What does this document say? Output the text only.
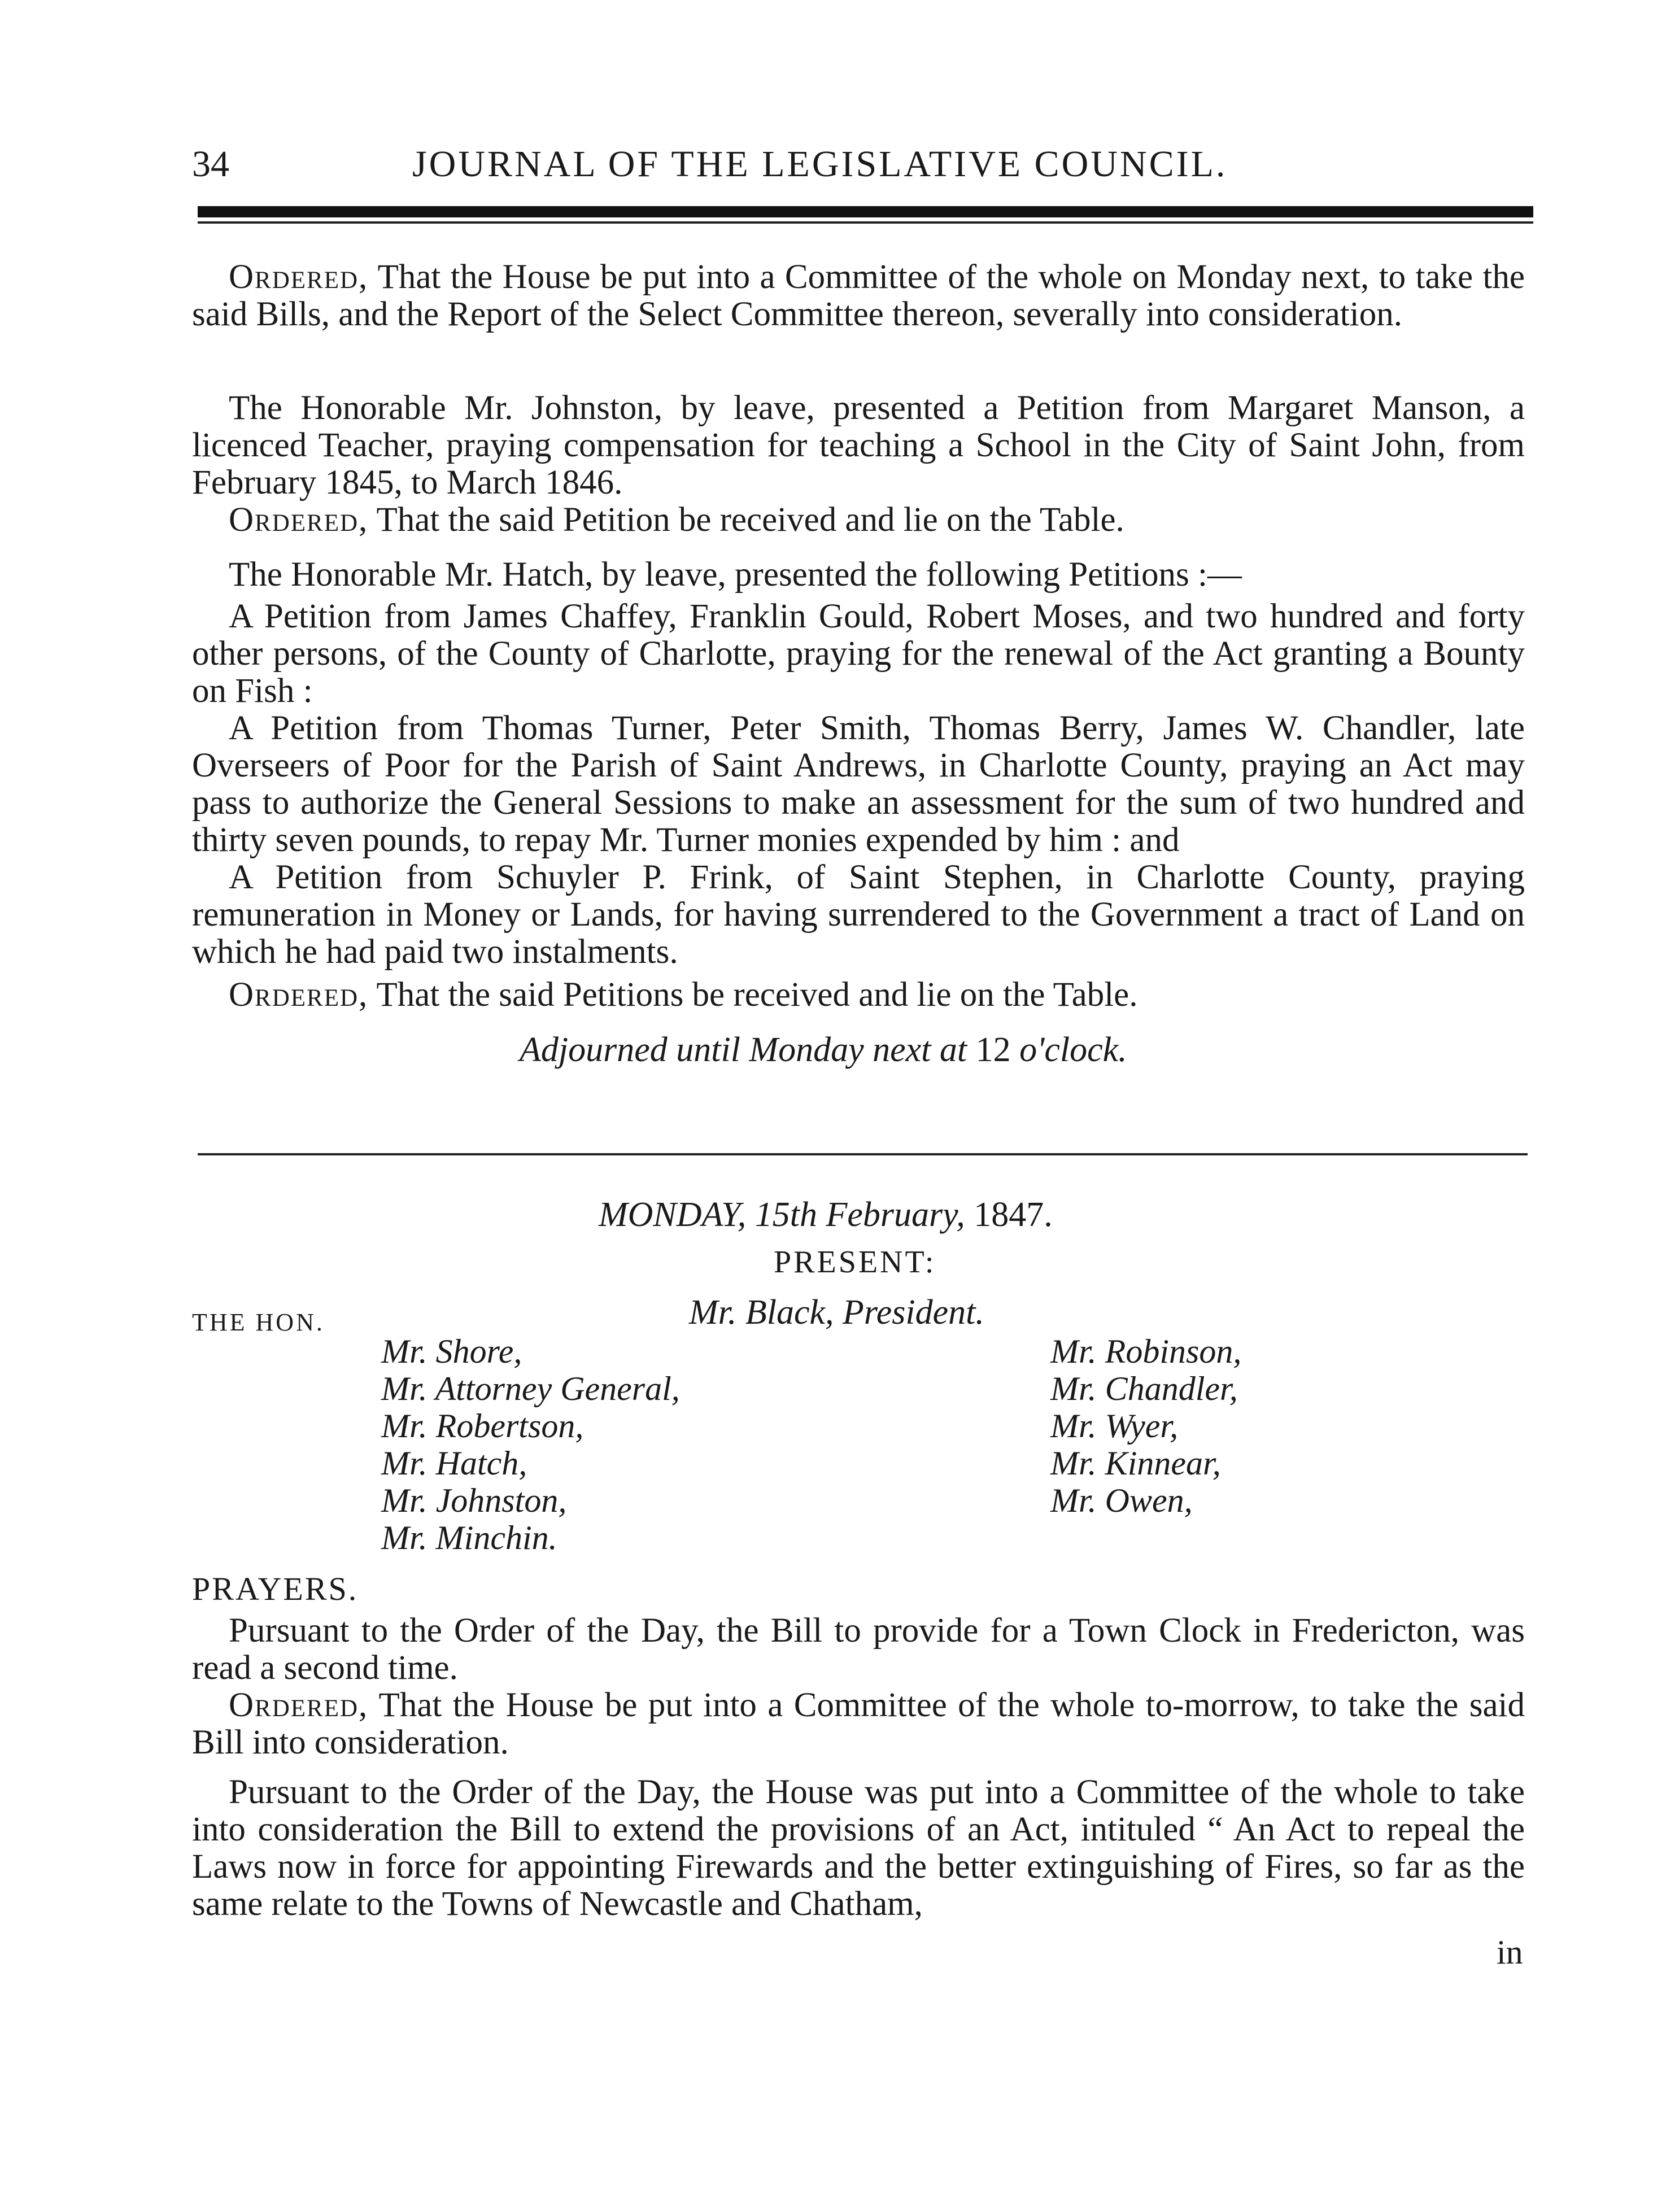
34	JOURNAL OF THE LEGISLATIVE COUNCIL.

Ordered, That the House be put into a Committee of the whole on Monday next, to take the said Bills, and the Report of the Select Committee thereon, severally into consideration.

The Honorable Mr. Johnston, by leave, presented a Petition from Margaret Manson, a licenced Teacher, praying compensation for teaching a School in the City of Saint John, from February 1845, to March 1846.

Ordered, That the said Petition be received and lie on the Table.

The Honorable Mr. Hatch, by leave, presented the following Petitions :—

A Petition from James Chaffey, Franklin Gould, Robert Moses, and two hundred and forty other persons, of the County of Charlotte, praying for the renewal of the Act granting a Bounty on Fish :

A Petition from Thomas Turner, Peter Smith, Thomas Berry, James W. Chandler, late Overseers of Poor for the Parish of Saint Andrews, in Charlotte County, praying an Act may pass to authorize the General Sessions to make an assessment for the sum of two hundred and thirty seven pounds, to repay Mr. Turner monies expended by him : and

A Petition from Schuyler P. Frink, of Saint Stephen, in Charlotte County, praying remuneration in Money or Lands, for having surrendered to the Government a tract of Land on which he had paid two instalments.

Ordered, That the said Petitions be received and lie on the Table.

Adjourned until Monday next at 12 o'clock.
MONDAY, 15th February, 1847.
PRESENT:
THE HON.	Mr. Black, President.
Mr. Shore,
Mr. Attorney General,
Mr. Robertson,
Mr. Hatch,
Mr. Johnston,
Mr. Minchin.
Mr. Robinson,
Mr. Chandler,
Mr. Wyer,
Mr. Kinnear,
Mr. Owen,
PRAYERS.

Pursuant to the Order of the Day, the Bill to provide for a Town Clock in Fredericton, was read a second time.

Ordered, That the House be put into a Committee of the whole to-morrow, to take the said Bill into consideration.

Pursuant to the Order of the Day, the House was put into a Committee of the whole to take into consideration the Bill to extend the provisions of an Act, intituled “ An Act to repeal the Laws now in force for appointing Firewards and the better extinguishing of Fires, so far as the same relate to the Towns of Newcastle and Chatham,

in
